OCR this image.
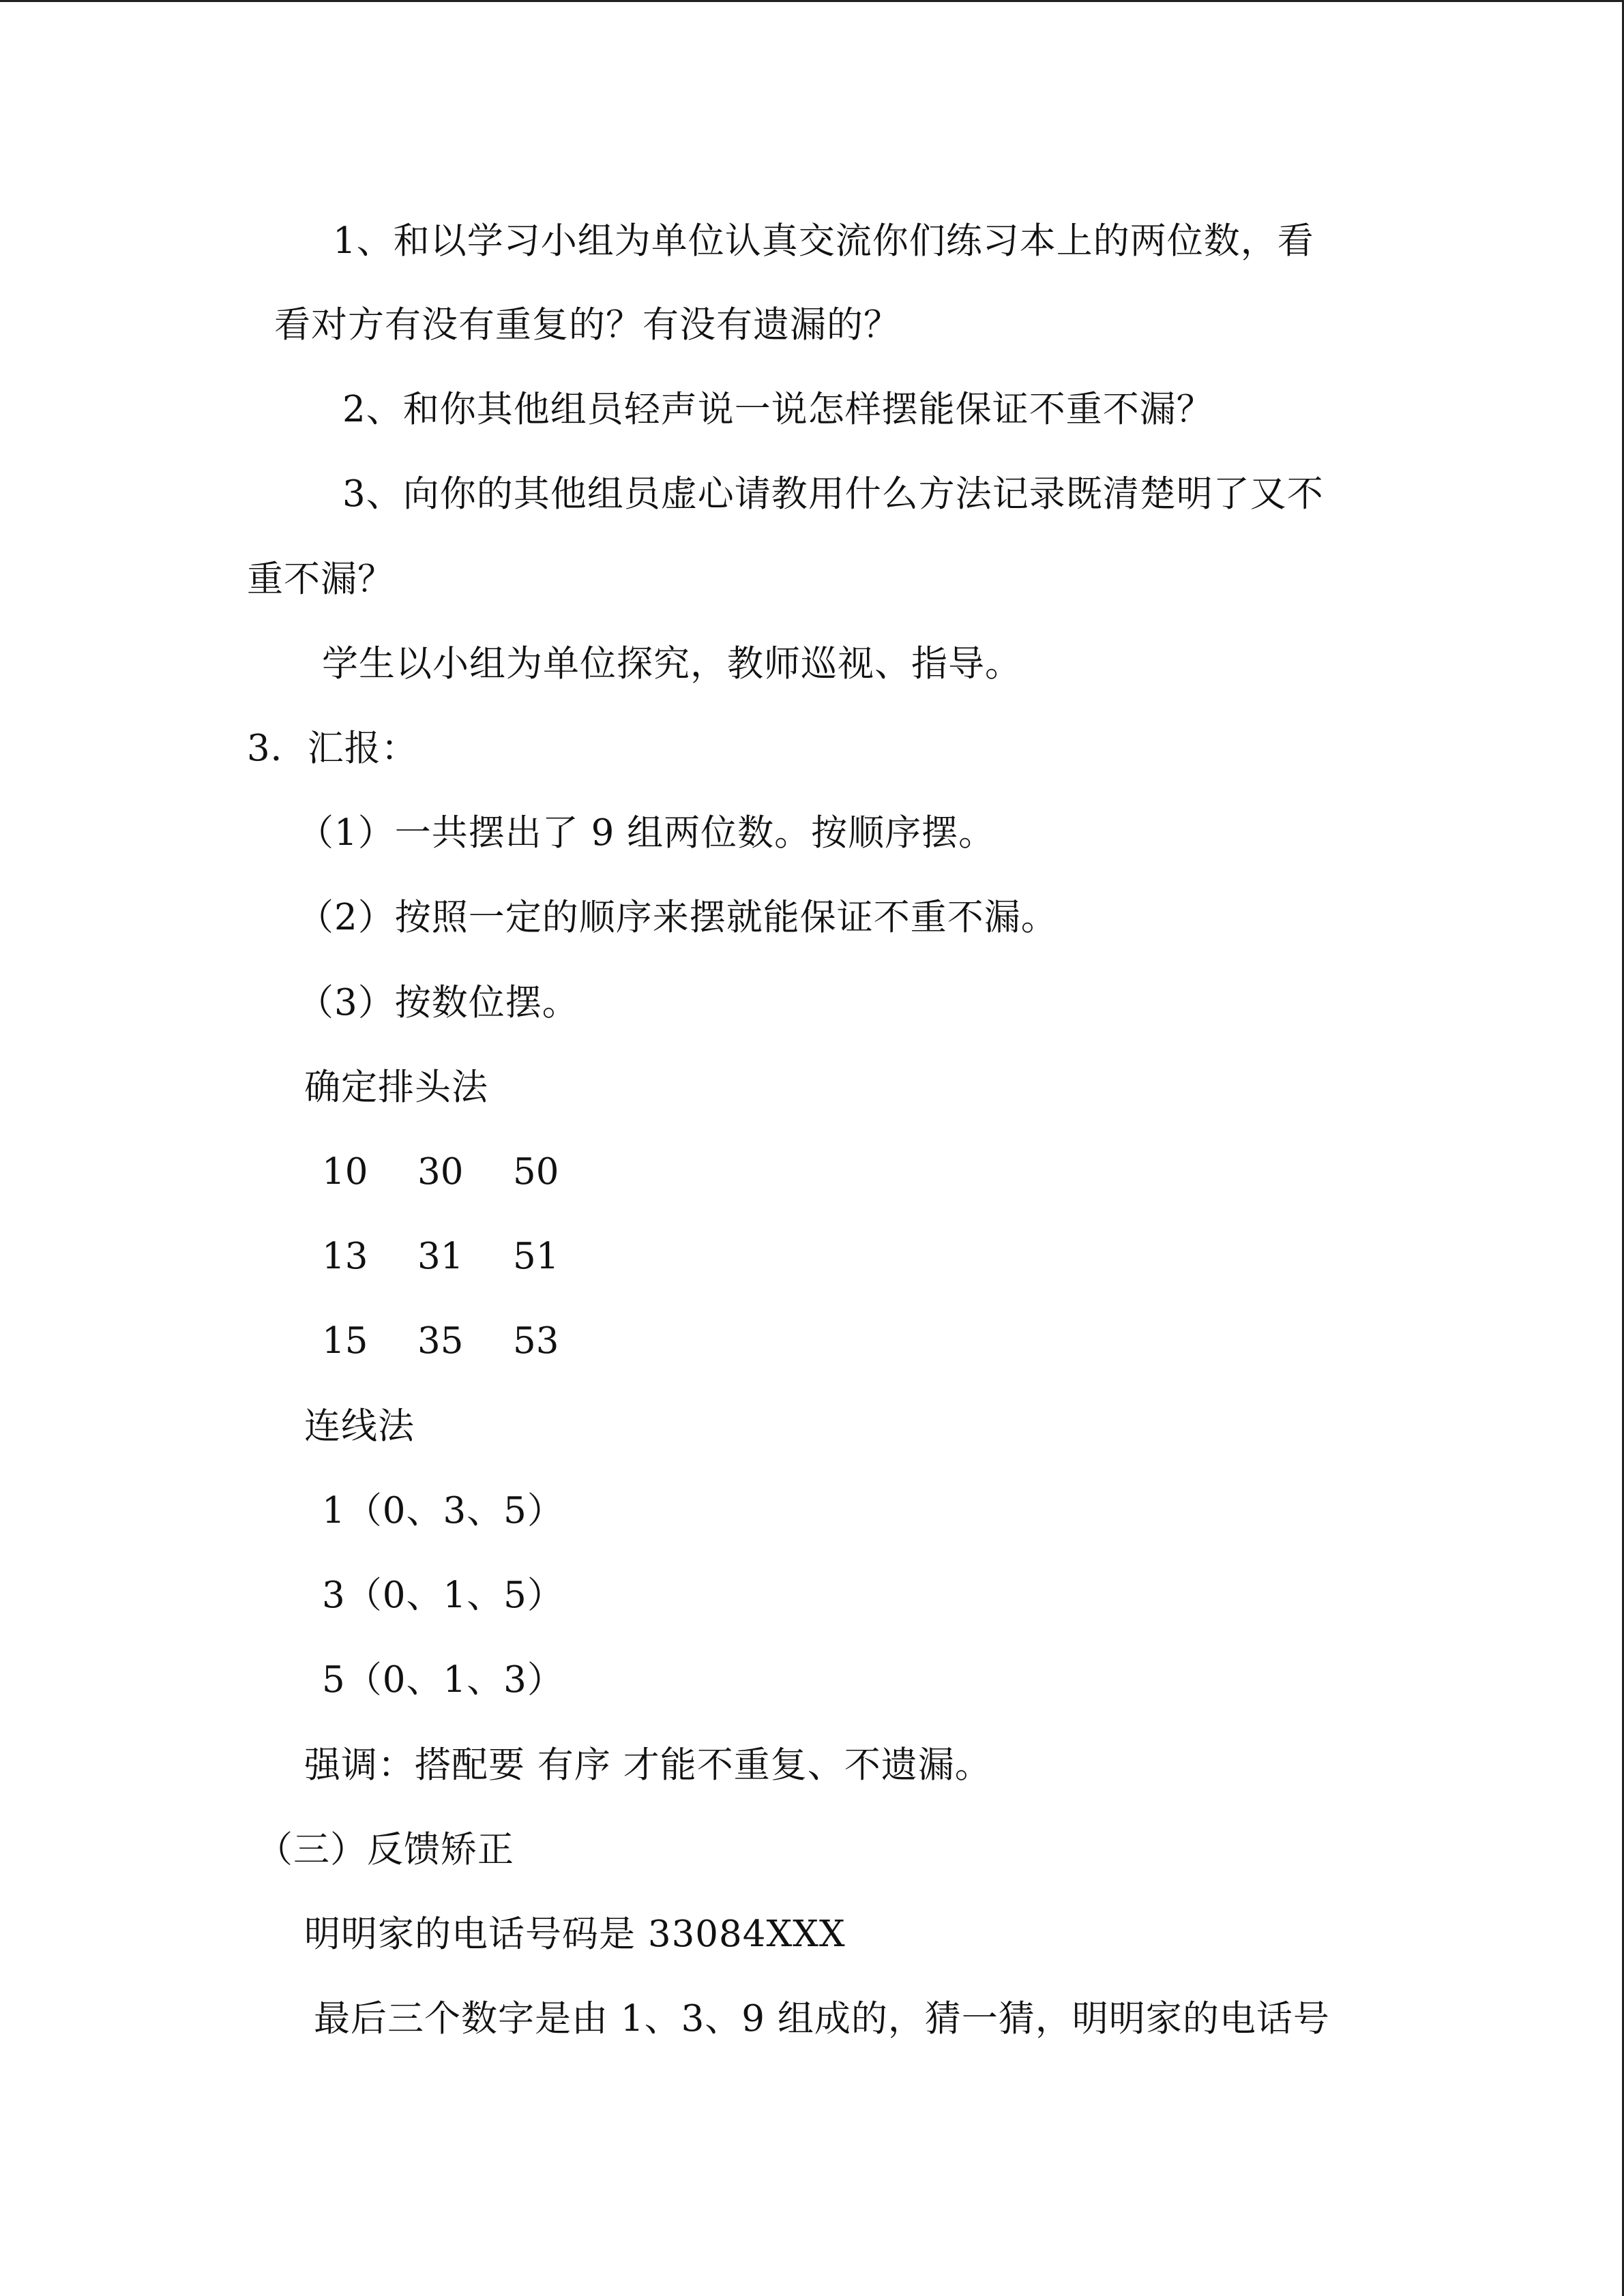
1、和以学习小组为单位认真交流你们练习本上的两位数，看
看对方有没有重复的？有没有遗漏的？
2、和你其他组员轻声说一说怎样摆能保证不重不漏？
3、向你的其他组员虚心请教用什么方法记录既清楚明了又不
重不漏？
学生以小组为单位探究，教师巡视、指导。
3．汇报：
（1）一共摆出了 9 组两位数。按顺序摆。
（2）按照一定的顺序来摆就能保证不重不漏。
（3）按数位摆。
确定排头法
10 30 50
13 31 51
15 35 53
连线法
1（0、3、5）
3（0、1、5）
5（0、1、3）
强调：搭配要 有序 才能不重复、不遗漏。
（三）反馈矫正
明明家的电话号码是 33084XXX
最后三个数字是由 1、3、9 组成的，猜一猜，明明家的电话号
